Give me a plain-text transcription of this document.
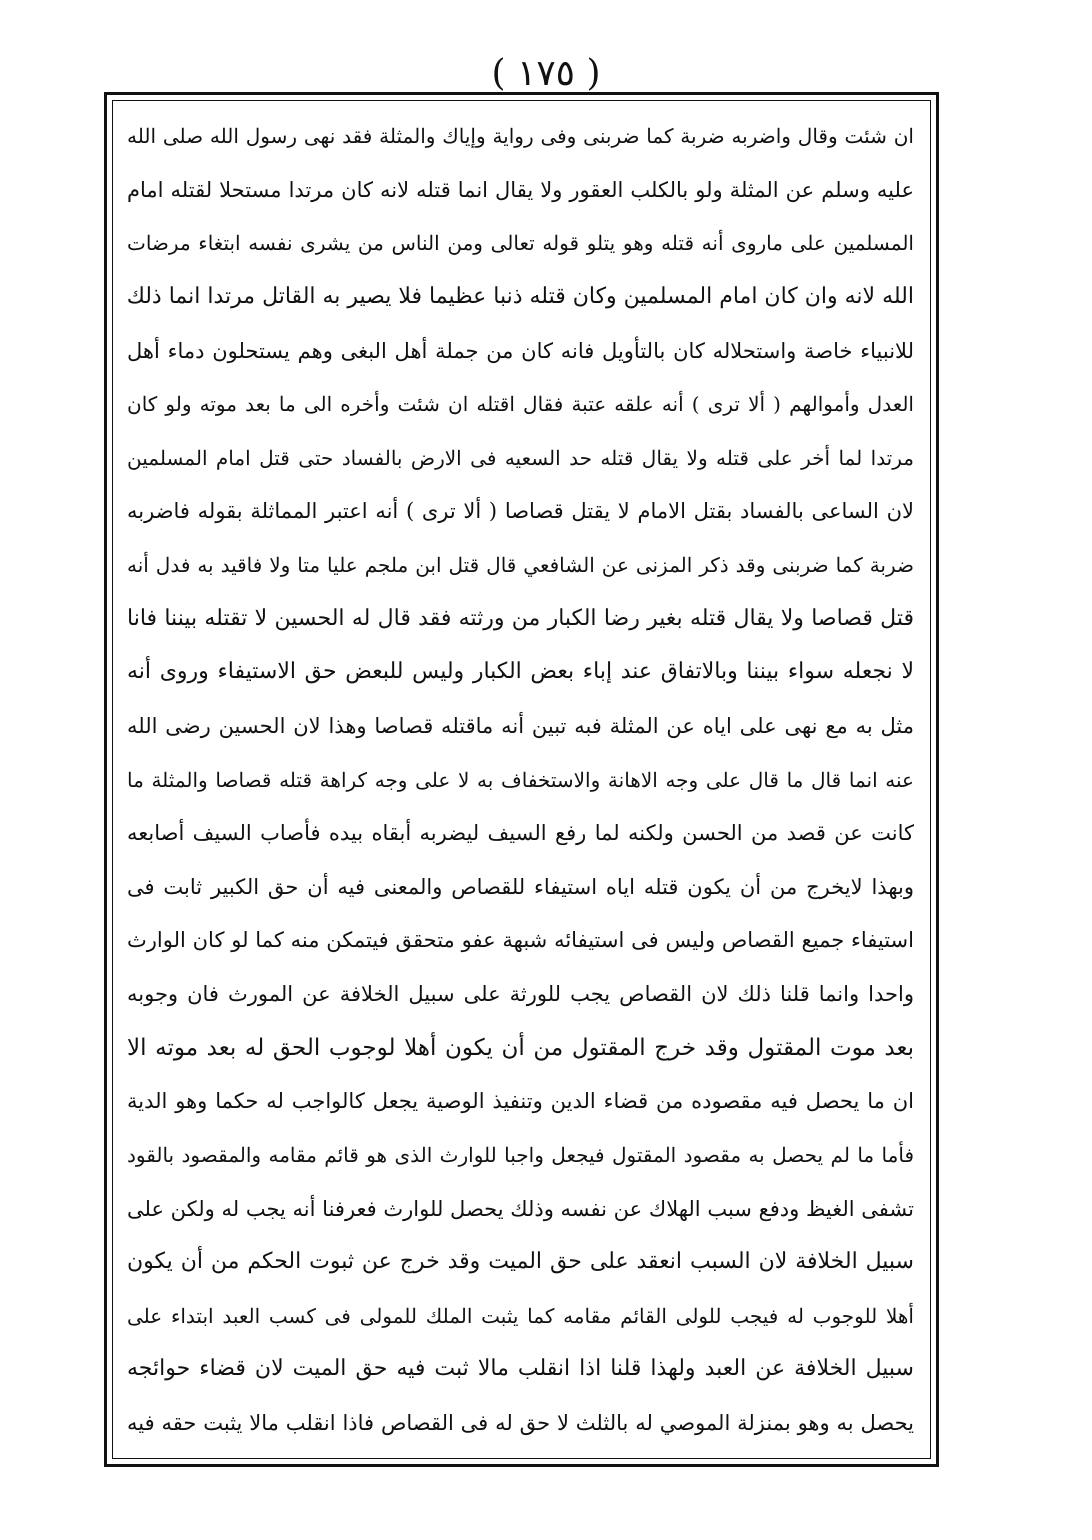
( ١٧٥ )
ان شئت وقال واضربه ضربة كما ضربنى وفى رواية وإياك والمثلة فقد نهى رسول الله صلى الله
عليه وسلم عن المثلة ولو بالكلب العقور ولا يقال انما قتله لانه كان مرتدا مستحلا لقتله امام
المسلمين على ماروى أنه قتله وهو يتلو قوله تعالى ومن الناس من يشرى نفسه ابتغاء مرضات
الله لانه وان كان امام المسلمين وكان قتله ذنبا عظيما فلا يصير به القاتل مرتدا انما ذلك
للانبياء خاصة واستحلاله كان بالتأويل فانه كان من جملة أهل البغى وهم يستحلون دماء أهل
العدل وأموالهم ( ألا ترى ) أنه علقه عتبة فقال اقتله ان شئت وأخره الى ما بعد موته ولو كان
مرتدا لما أخر على قتله ولا يقال قتله حد السعيه فى الارض بالفساد حتى قتل امام المسلمين
لان الساعى بالفساد بقتل الامام لا يقتل قصاصا ( ألا ترى ) أنه اعتبر المماثلة بقوله فاضربه
ضربة كما ضربنى وقد ذكر المزنى عن الشافعي قال قتل ابن ملجم عليا متا ولا فاقيد به فدل أنه
قتل قصاصا ولا يقال قتله بغير رضا الكبار من ورثته فقد قال له الحسين لا تقتله بيننا فانا
لا نجعله سواء بيننا وبالاتفاق عند إباء بعض الكبار وليس للبعض حق الاستيفاء وروى أنه
مثل به مع نهى على اياه عن المثلة فبه تبين أنه ماقتله قصاصا وهذا لان الحسين رضى الله
عنه انما قال ما قال على وجه الاهانة والاستخفاف به لا على وجه كراهة قتله قصاصا والمثلة ما
كانت عن قصد من الحسن ولكنه لما رفع السيف ليضربه أبقاه بيده فأصاب السيف أصابعه
وبهذا لايخرج من أن يكون قتله اياه استيفاء للقصاص والمعنى فيه أن حق الكبير ثابت فى
استيفاء جميع القصاص وليس فى استيفائه شبهة عفو متحقق فيتمكن منه كما لو كان الوارث
واحدا وانما قلنا ذلك لان القصاص يجب للورثة على سبيل الخلافة عن المورث فان وجوبه
بعد موت المقتول وقد خرج المقتول من أن يكون أهلا لوجوب الحق له بعد موته الا
ان ما يحصل فيه مقصوده من قضاء الدين وتنفيذ الوصية يجعل كالواجب له حكما وهو الدية
فأما ما لم يحصل به مقصود المقتول فيجعل واجبا للوارث الذى هو قائم مقامه والمقصود بالقود
تشفى الغيظ ودفع سبب الهلاك عن نفسه وذلك يحصل للوارث فعرفنا أنه يجب له ولكن على
سبيل الخلافة لان السبب انعقد على حق الميت وقد خرج عن ثبوت الحكم من أن يكون
أهلا للوجوب له فيجب للولى القائم مقامه كما يثبت الملك للمولى فى كسب العبد ابتداء على
سبيل الخلافة عن العبد ولهذا قلنا اذا انقلب مالا ثبت فيه حق الميت لان قضاء حوائجه
يحصل به وهو بمنزلة الموصي له بالثلث لا حق له فى القصاص فاذا انقلب مالا يثبت حقه فيه
